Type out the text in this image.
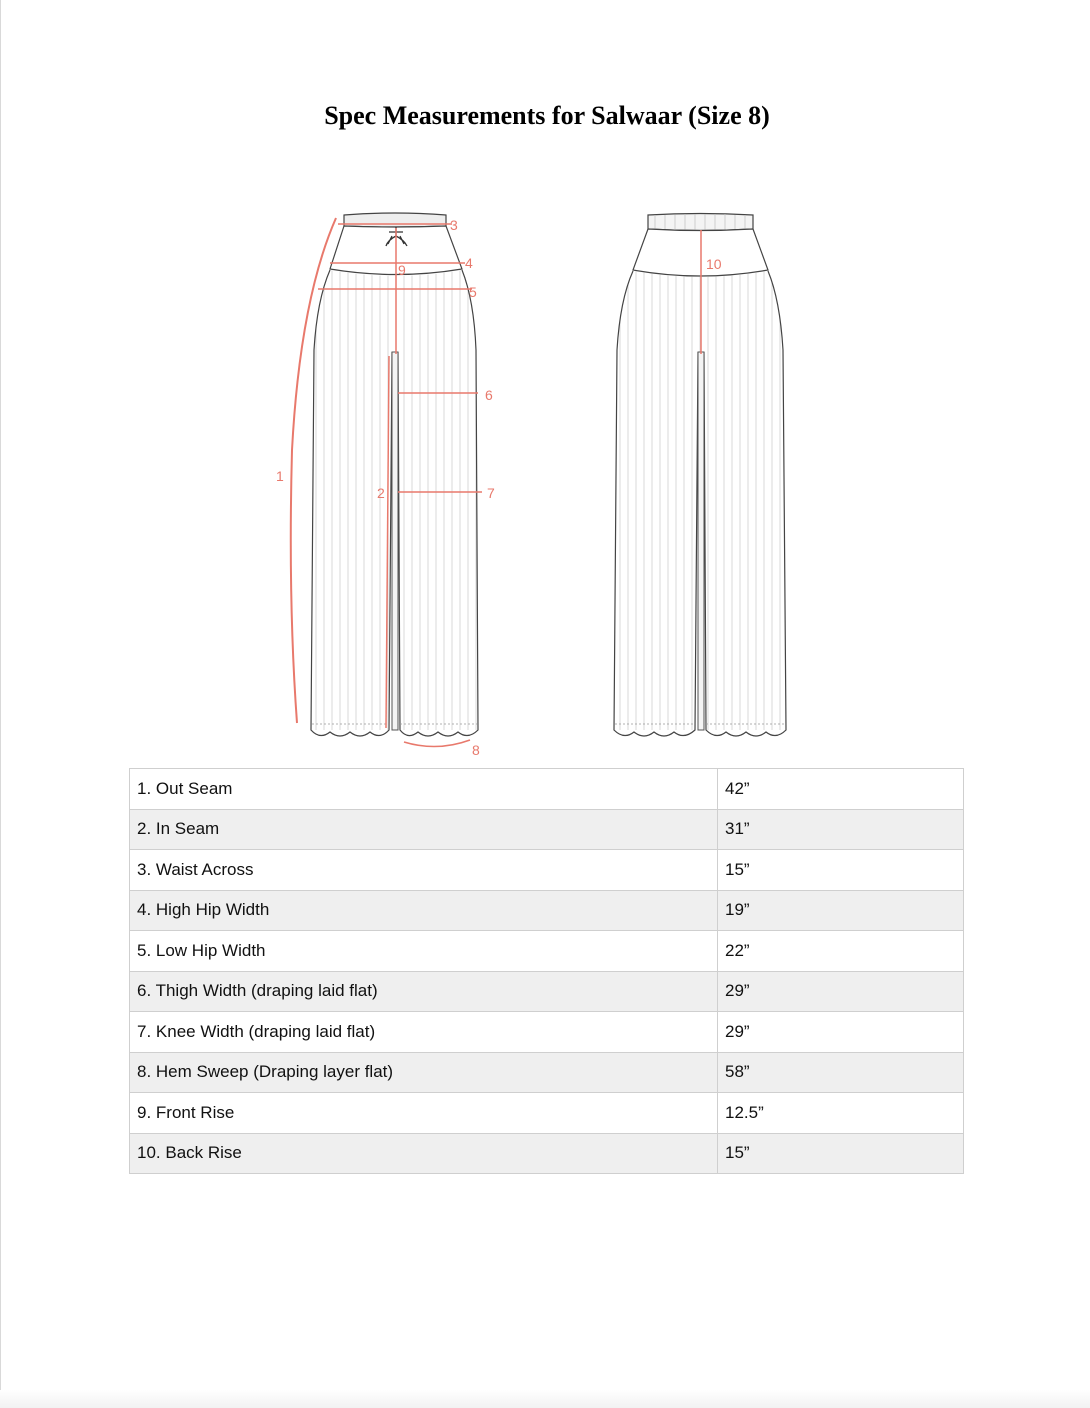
Spec Measurements for Salwaar (Size 8)
1
2
3
4
5
6
7
8
9	10
1. Out Seam	42”
2. In Seam	31”
3. Waist Across	15”
4. High Hip Width	19”
5. Low Hip Width	22”
6. Thigh Width (draping laid flat)	29”
7. Knee Width (draping laid flat)	29”
8. Hem Sweep (Draping layer flat)	58”
9. Front Rise	12.5”
10. Back Rise	15”
